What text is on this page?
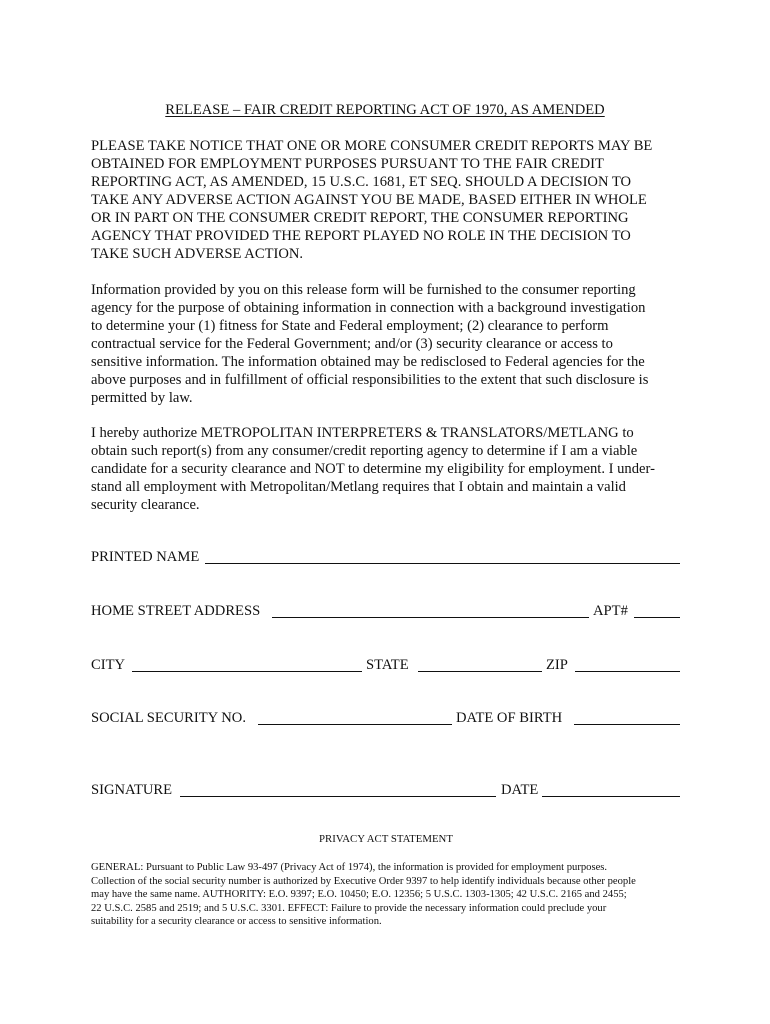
RELEASE – FAIR CREDIT REPORTING ACT OF 1970, AS AMENDED

PLEASE TAKE NOTICE THAT ONE OR MORE CONSUMER CREDIT REPORTS MAY BE
OBTAINED FOR EMPLOYMENT PURPOSES PURSUANT TO THE FAIR CREDIT
REPORTING ACT, AS AMENDED, 15 U.S.C. 1681, ET SEQ. SHOULD A DECISION TO
TAKE ANY ADVERSE ACTION AGAINST YOU BE MADE, BASED EITHER IN WHOLE
OR IN PART ON THE CONSUMER CREDIT REPORT, THE CONSUMER REPORTING
AGENCY THAT PROVIDED THE REPORT PLAYED NO ROLE IN THE DECISION TO
TAKE SUCH ADVERSE ACTION.

Information provided by you on this release form will be furnished to the consumer reporting
agency for the purpose of obtaining information in connection with a background investigation
to determine your (1) fitness for State and Federal employment; (2) clearance to perform
contractual service for the Federal Government; and/or (3) security clearance or access to
sensitive information. The information obtained may be redisclosed to Federal agencies for the
above purposes and in fulfillment of official responsibilities to the extent that such disclosure is
permitted by law.

I hereby authorize METROPOLITAN INTERPRETERS & TRANSLATORS/METLANG to
obtain such report(s) from any consumer/credit reporting agency to determine if I am a viable
candidate for a security clearance and NOT to determine my eligibility for employment. I under-
stand all employment with Metropolitan/Metlang requires that I obtain and maintain a valid
security clearance.

PRINTED NAME
HOME STREET ADDRESS	APT#
CITY	STATE	ZIP
SOCIAL SECURITY NO.	DATE OF BIRTH
SIGNATURE	DATE
PRIVACY ACT STATEMENT

GENERAL: Pursuant to Public Law 93-497 (Privacy Act of 1974), the information is provided for employment purposes.
Collection of the social security number is authorized by Executive Order 9397 to help identify individuals because other people
may have the same name. AUTHORITY: E.O. 9397; E.O. 10450; E.O. 12356; 5 U.S.C. 1303-1305; 42 U.S.C. 2165 and 2455;
22 U.S.C. 2585 and 2519; and 5 U.S.C. 3301. EFFECT: Failure to provide the necessary information could preclude your
suitability for a security clearance or access to sensitive information.
